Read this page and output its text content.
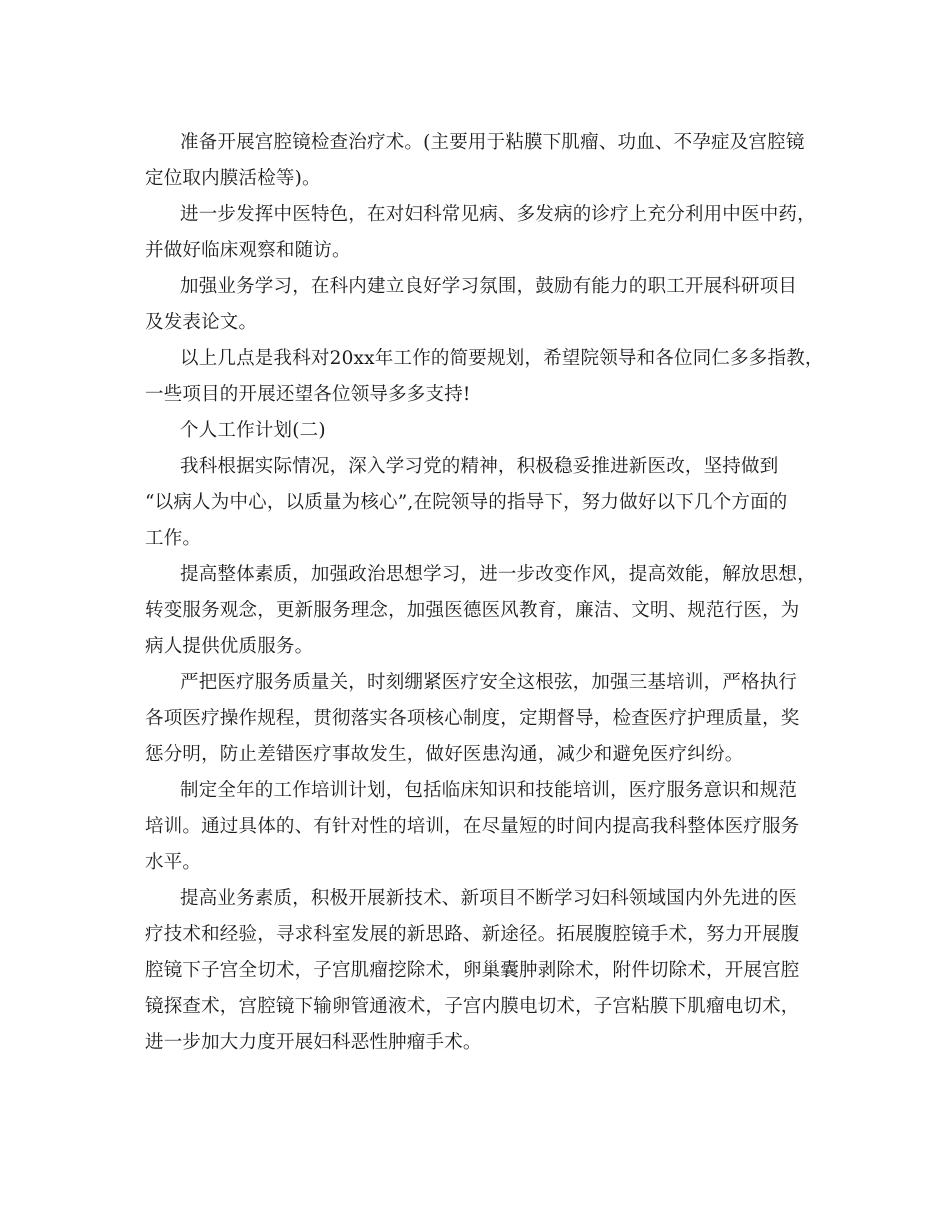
准备开展宫腔镜检查治疗术。(主要用于粘膜下肌瘤、功血、不孕症及宫腔镜
定位取内膜活检等)。
进一步发挥中医特色，在对妇科常见病、多发病的诊疗上充分利用中医中药，
并做好临床观察和随访。
加强业务学习，在科内建立良好学习氛围，鼓励有能力的职工开展科研项目
及发表论文。
以上几点是我科对20xx年工作的简要规划，希望院领导和各位同仁多多指教，
一些项目的开展还望各位领导多多支持!
个人工作计划(二)
我科根据实际情况，深入学习党的精神，积极稳妥推进新医改，坚持做到
“以病人为中心，以质量为核心”,在院领导的指导下，努力做好以下几个方面的
工作。
提高整体素质，加强政治思想学习，进一步改变作风，提高效能，解放思想，
转变服务观念，更新服务理念，加强医德医风教育，廉洁、文明、规范行医，为
病人提供优质服务。
严把医疗服务质量关，时刻绷紧医疗安全这根弦，加强三基培训，严格执行
各项医疗操作规程，贯彻落实各项核心制度，定期督导，检查医疗护理质量，奖
惩分明，防止差错医疗事故发生，做好医患沟通，减少和避免医疗纠纷。
制定全年的工作培训计划，包括临床知识和技能培训，医疗服务意识和规范
培训。通过具体的、有针对性的培训，在尽量短的时间内提高我科整体医疗服务
水平。
提高业务素质，积极开展新技术、新项目不断学习妇科领域国内外先进的医
疗技术和经验，寻求科室发展的新思路、新途径。拓展腹腔镜手术，努力开展腹
腔镜下子宫全切术，子宫肌瘤挖除术，卵巢囊肿剥除术，附件切除术，开展宫腔
镜探查术，宫腔镜下输卵管通液术，子宫内膜电切术，子宫粘膜下肌瘤电切术，
进一步加大力度开展妇科恶性肿瘤手术。
